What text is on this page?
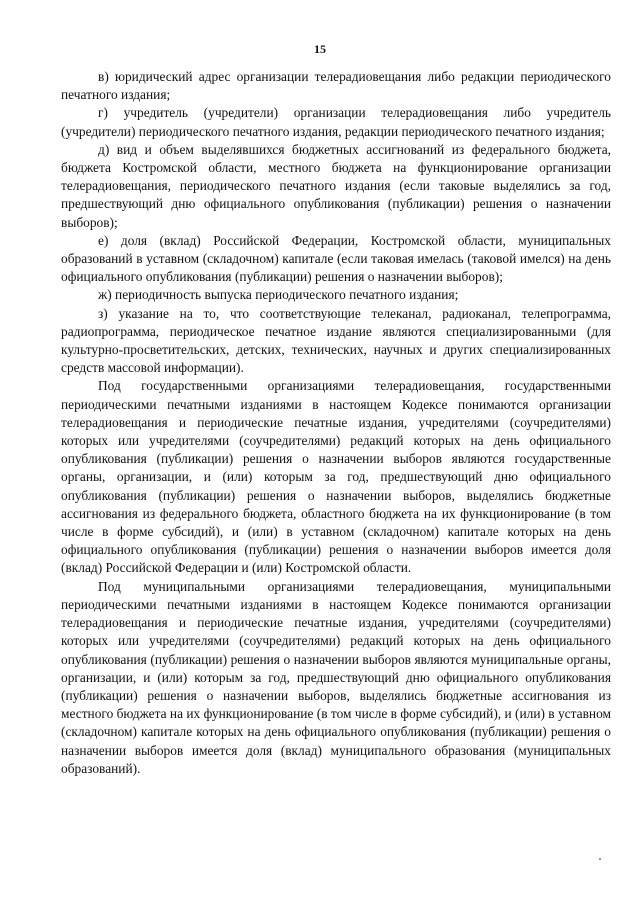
15

в) юридический адрес организации телерадиовещания либо редакции периодического печатного издания;

г) учредитель (учредители) организации телерадиовещания либо учредитель (учредители) периодического печатного издания, редакции периодического печатного издания;

д) вид и объем выделявшихся бюджетных ассигнований из федерального бюджета, бюджета Костромской области, местного бюджета на функционирование организации телерадиовещания, периодического печатного издания (если таковые выделялись за год, предшествующий дню официального опубликования (публикации) решения о назначении выборов);

е) доля (вклад) Российской Федерации, Костромской области, муниципальных образований в уставном (складочном) капитале (если таковая имелась (таковой имелся) на день официального опубликования (публикации) решения о назначении выборов);

ж) периодичность выпуска периодического печатного издания;

з) указание на то, что соответствующие телеканал, радиоканал, телепрограмма, радиопрограмма, периодическое печатное издание являются специализированными (для культурно-просветительских, детских, технических, научных и других специализированных средств массовой информации).

Под государственными организациями телерадиовещания, государственными периодическими печатными изданиями в настоящем Кодексе понимаются организации телерадиовещания и периодические печатные издания, учредителями (соучредителями) которых или учредителями (соучредителями) редакций которых на день официального опубликования (публикации) решения о назначении выборов являются государственные органы, организации, и (или) которым за год, предшествующий дню официального опубликования (публикации) решения о назначении выборов, выделялись бюджетные ассигнования из федерального бюджета, областного бюджета на их функционирование (в том числе в форме субсидий), и (или) в уставном (складочном) капитале которых на день официального опубликования (публикации) решения о назначении выборов имеется доля (вклад) Российской Федерации и (или) Костромской области.

Под муниципальными организациями телерадиовещания, муниципальными периодическими печатными изданиями в настоящем Кодексе понимаются организации телерадиовещания и периодические печатные издания, учредителями (соучредителями) которых или учредителями (соучредителями) редакций которых на день официального опубликования (публикации) решения о назначении выборов являются муниципальные органы, организации, и (или) которым за год, предшествующий дню официального опубликования (публикации) решения о назначении выборов, выделялись бюджетные ассигнования из местного бюджета на их функционирование (в том числе в форме субсидий), и (или) в уставном (складочном) капитале которых на день официального опубликования (публикации) решения о назначении выборов имеется доля (вклад) муниципального образования (муниципальных образований).
